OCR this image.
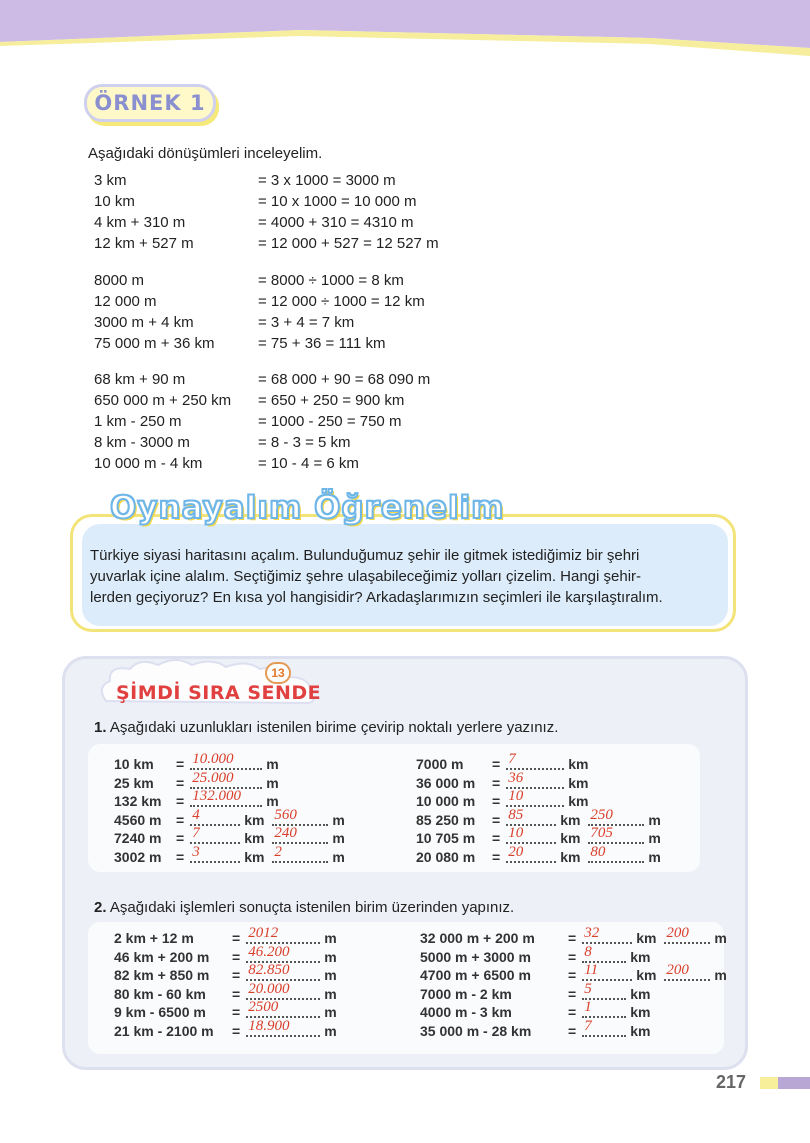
ÖRNEK 1
Aşağıdaki dönüşümleri inceleyelim.
3 km	= 3 x 1000 = 3000 m
10 km	= 10 x 1000 = 10 000 m
4 km + 310 m	= 4000 + 310 = 4310 m
12 km + 527 m	= 12 000 + 527 = 12 527 m
8000 m	= 8000 ÷ 1000 = 8 km
12 000 m	= 12 000 ÷ 1000 = 12 km
3000 m + 4 km	= 3 + 4 = 7 km
75 000 m + 36 km	= 75 + 36 = 111 km
68 km + 90 m	= 68 000 + 90 = 68 090 m
650 000 m + 250 km	= 650 + 250 = 900 km
1 km - 250 m	= 1000 - 250 = 750 m
8 km - 3000 m	= 8 - 3 = 5 km
10 000 m - 4 km	= 10 - 4 = 6 km
Oynayalım Öğrenelim
Türkiye siyasi haritasını açalım. Bulunduğumuz şehir ile gitmek istediğimiz bir şehri
yuvarlak içine alalım. Seçtiğimiz şehre ulaşabileceğimiz yolları çizelim. Hangi şehir-
lerden geçiyoruz? En kısa yol hangisidir? Arkadaşlarımızın seçimleri ile karşılaştıralım.
13
ŞİMDİ SIRA SENDE
1. Aşağıdaki uzunlukları istenilen birime çevirip noktalı yerlere yazınız.
10 km	= 10.000 m
25 km	= 25.000 m
132 km	= 132.000 m
4560 m	= 4	km 560	m
7240 m	= 7	km 240	m
3002 m	= 3	km 2	m
7000 m	= 7	km
36 000 m	= 36	km
10 000 m	= 10	km
85 250 m	= 85	km 250	m
10 705 m	= 10	km 705	m
20 080 m	= 20	km 80	m
2. Aşağıdaki işlemleri sonuçta istenilen birim üzerinden yapınız.
2 km + 12 m	= 2012	m
46 km + 200 m	= 46.200 m
82 km + 850 m	= 82.850 m
80 km - 60 km	= 20.000 m
9 km - 6500 m	= 2500	m
21 km - 2100 m	= 18.900 m
32 000 m + 200 m	= 32	km 200 m
5000 m + 3000 m	= 8	km
4700 m + 6500 m	= 11	km 200 m
7000 m - 2 km	= 5	km
4000 m - 3 km	= 1	km
35 000 m - 28 km	= 7	km
217
